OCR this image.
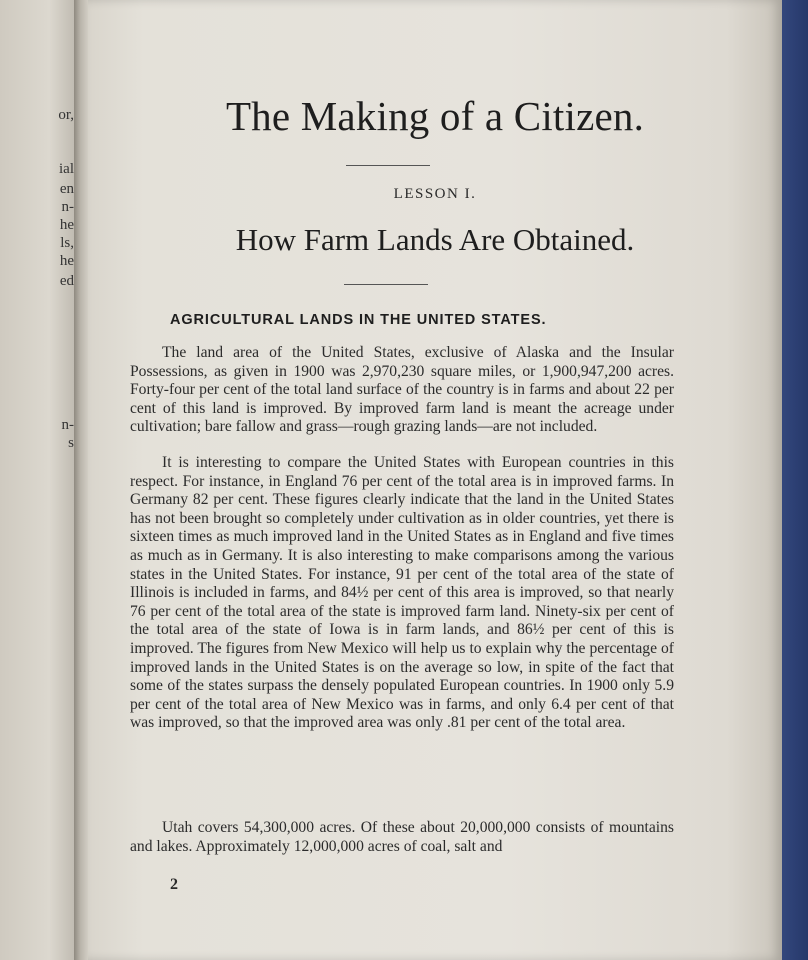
or,
ial
en
n-
he
ls,
he
ed
n-
s
The Making of a Citizen.
LESSON I.
How Farm Lands Are Obtained.
AGRICULTURAL LANDS IN THE UNITED STATES.

The land area of the United States, exclusive of Alaska and the Insular Possessions, as given in 1900 was 2,970,230 square miles, or 1,900,947,200 acres. Forty-four per cent of the total land surface of the country is in farms and about 22 per cent of this land is improved. By improved farm land is meant the acreage under cultivation; bare fallow and grass—rough grazing lands—are not included.

It is interesting to compare the United States with European countries in this respect. For instance, in England 76 per cent of the total area is in improved farms. In Germany 82 per cent. These figures clearly indicate that the land in the United States has not been brought so completely under cultivation as in older countries, yet there is sixteen times as much improved land in the United States as in England and five times as much as in Germany. It is also interesting to make comparisons among the various states in the United States. For instance, 91 per cent of the total area of the state of Illinois is included in farms, and 84½ per cent of this area is improved, so that nearly 76 per cent of the total area of the state is improved farm land. Ninety-six per cent of the total area of the state of Iowa is in farm lands, and 86½ per cent of this is improved. The figures from New Mexico will help us to explain why the percentage of improved lands in the United States is on the average so low, in spite of the fact that some of the states surpass the densely populated European countries. In 1900 only 5.9 per cent of the total area of New Mexico was in farms, and only 6.4 per cent of that was improved, so that the improved area was only .81 per cent of the total area.

Utah covers 54,300,000 acres. Of these about 20,000,000 consists of mountains and lakes. Approximately 12,000,000 acres of coal, salt and

2
